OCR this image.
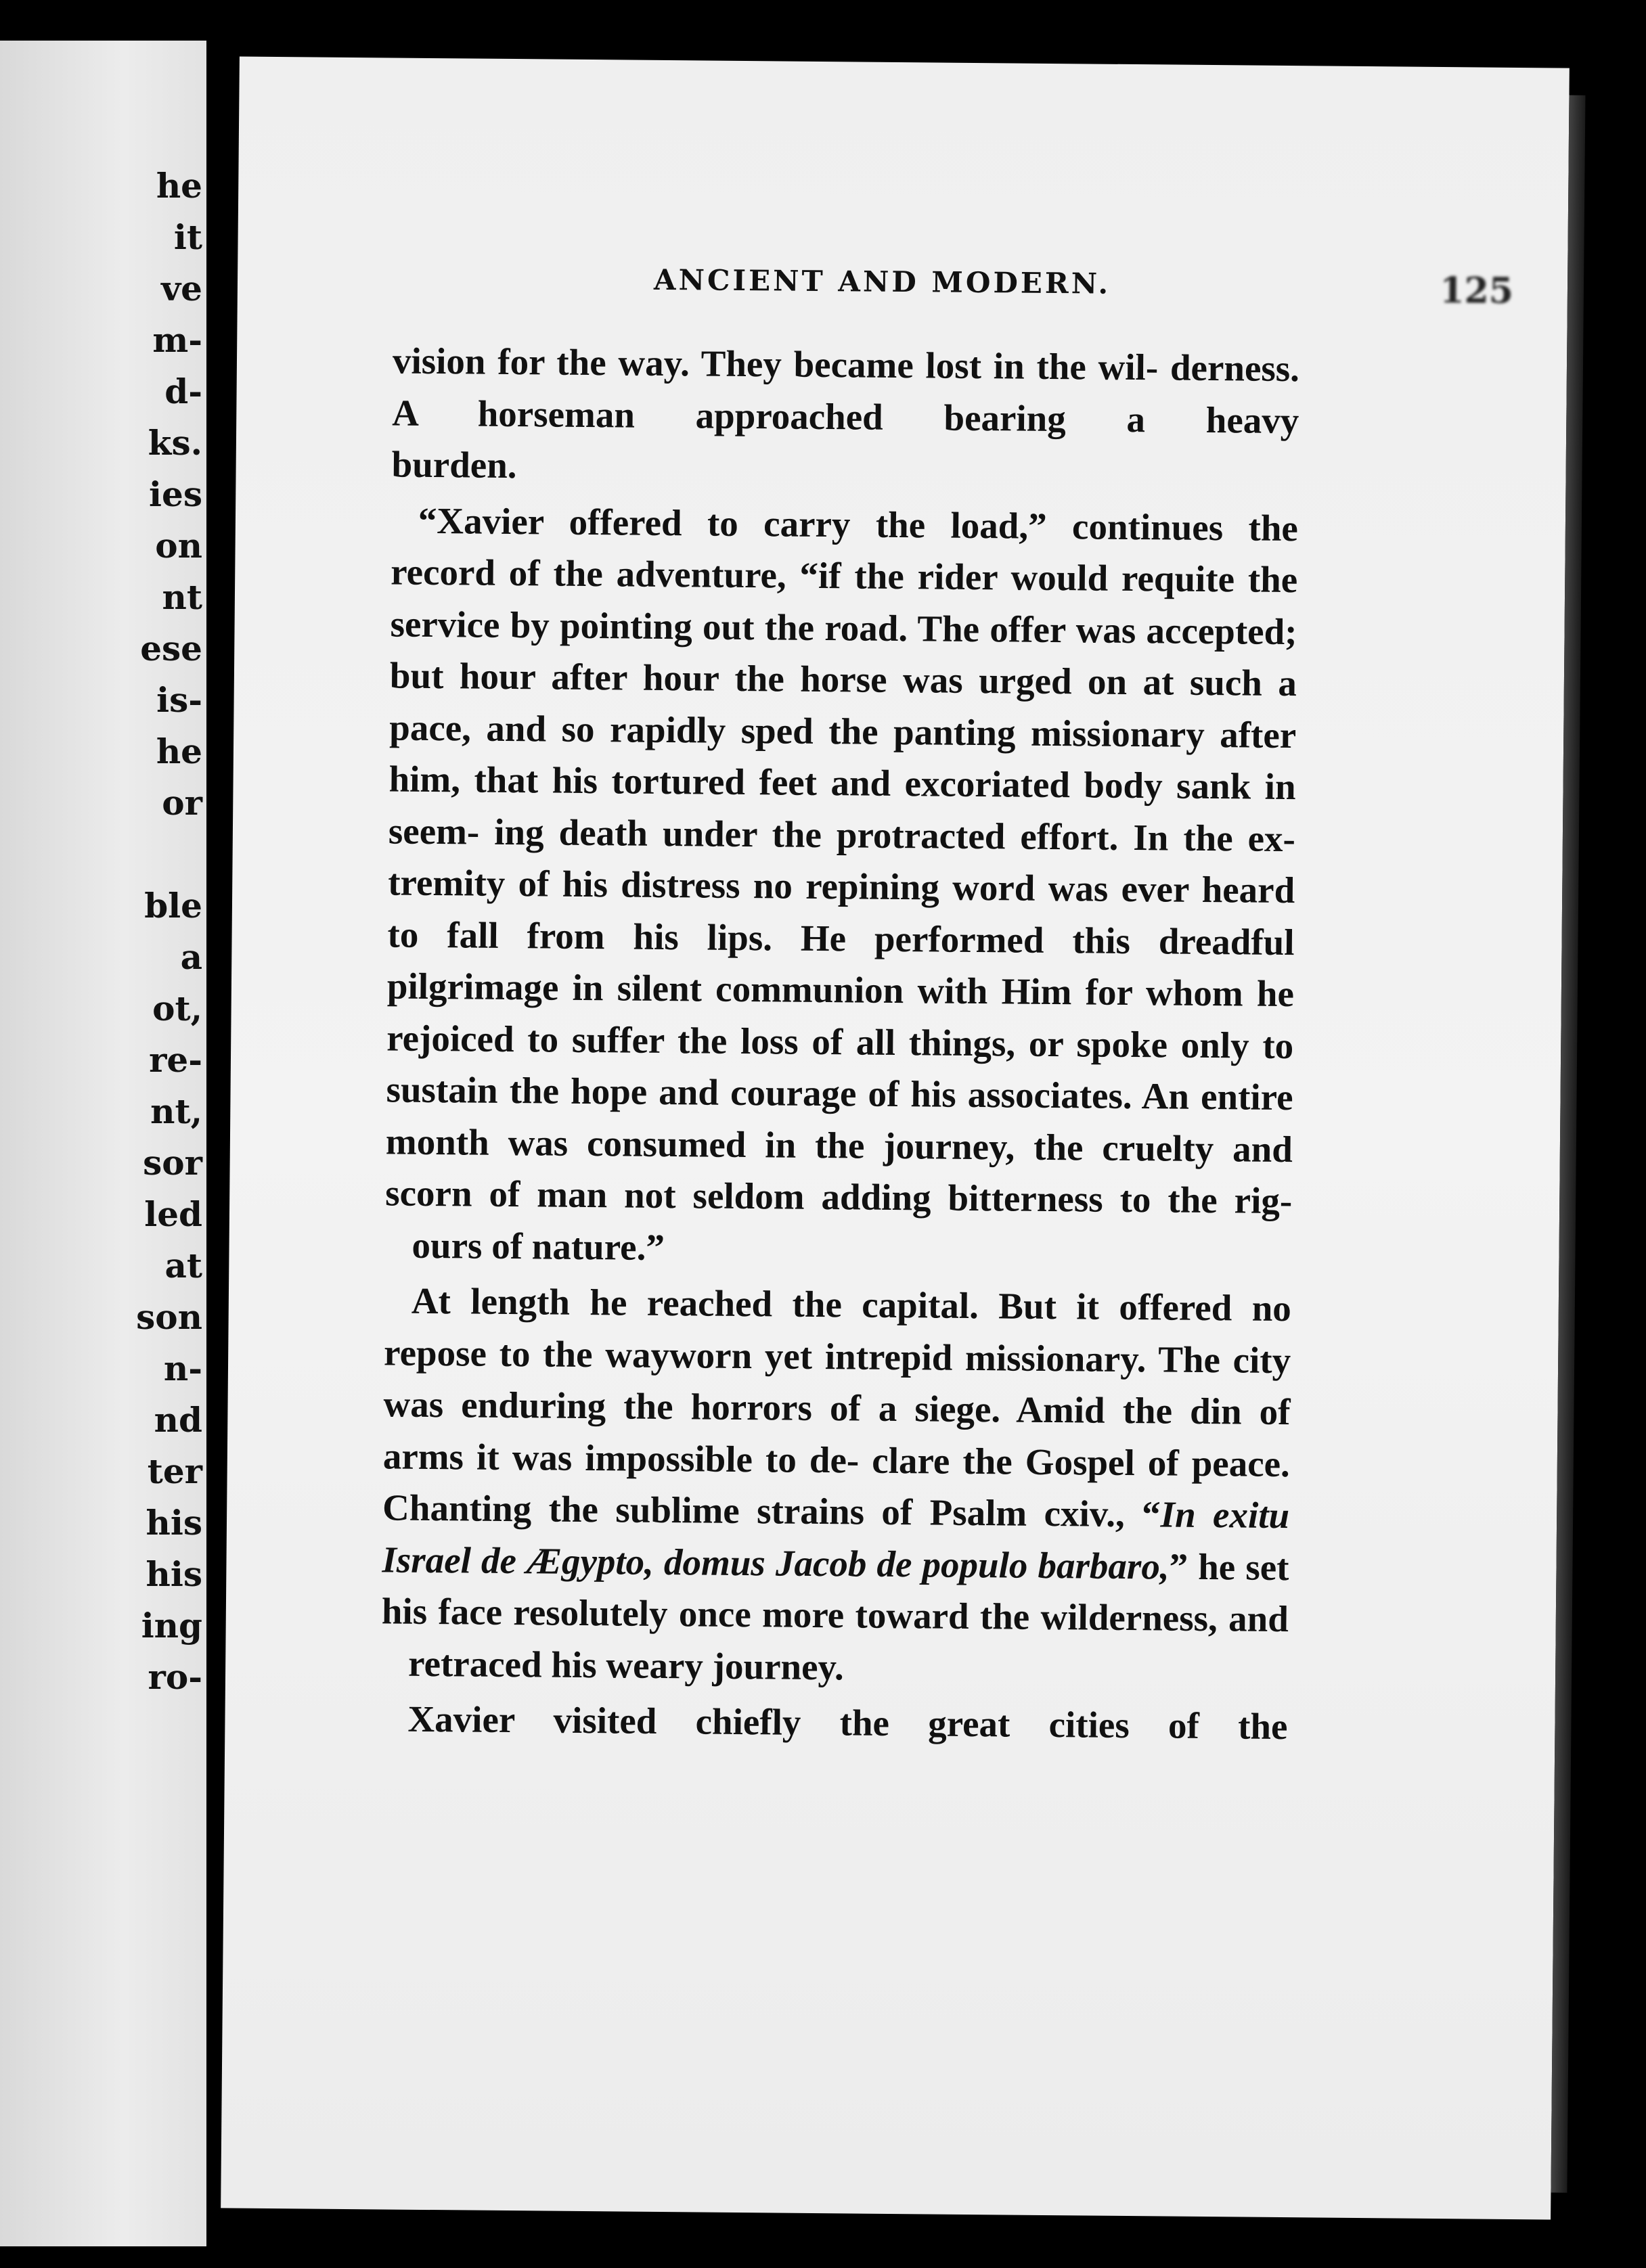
he
it
ve
m-
d-
ks.
ies
on
nt
ese
is-
he
or
ble
a
ot,
re-
nt,
sor
led
at
son
n-
nd
ter
his
his
ing
ro-
ANCIENT AND MODERN.	125

vision for the way. They became lost in the wil- derness. A horseman approached bearing a heavy
burden.

“Xavier offered to carry the load,” continues the record of the adventure, “if the rider would requite the service by pointing out the road. The offer was accepted; but hour after hour the horse was urged on at such a pace, and so rapidly sped the panting missionary after him, that his tortured feet and excoriated body sank in seem- ing death under the protracted effort. In the ex- tremity of his distress no repining word was ever heard to fall from his lips. He performed this dreadful pilgrimage in silent communion with Him for whom he rejoiced to suffer the loss of all things, or spoke only to sustain the hope and courage of his associates. An entire month was consumed in the journey, the cruelty and scorn of man not seldom adding bitterness to the rig-
ours of nature.”

At length he reached the capital. But it offered no repose to the wayworn yet intrepid missionary. The city was enduring the horrors of a siege. Amid the din of arms it was impossible to de- clare the Gospel of peace. Chanting the sublime strains of Psalm cxiv., “In exitu Israel de Ægypto, domus Jacob de populo barbaro,” he set his face resolutely once more toward the wilderness, and
retraced his weary journey.

Xavier visited chiefly the great cities of the
